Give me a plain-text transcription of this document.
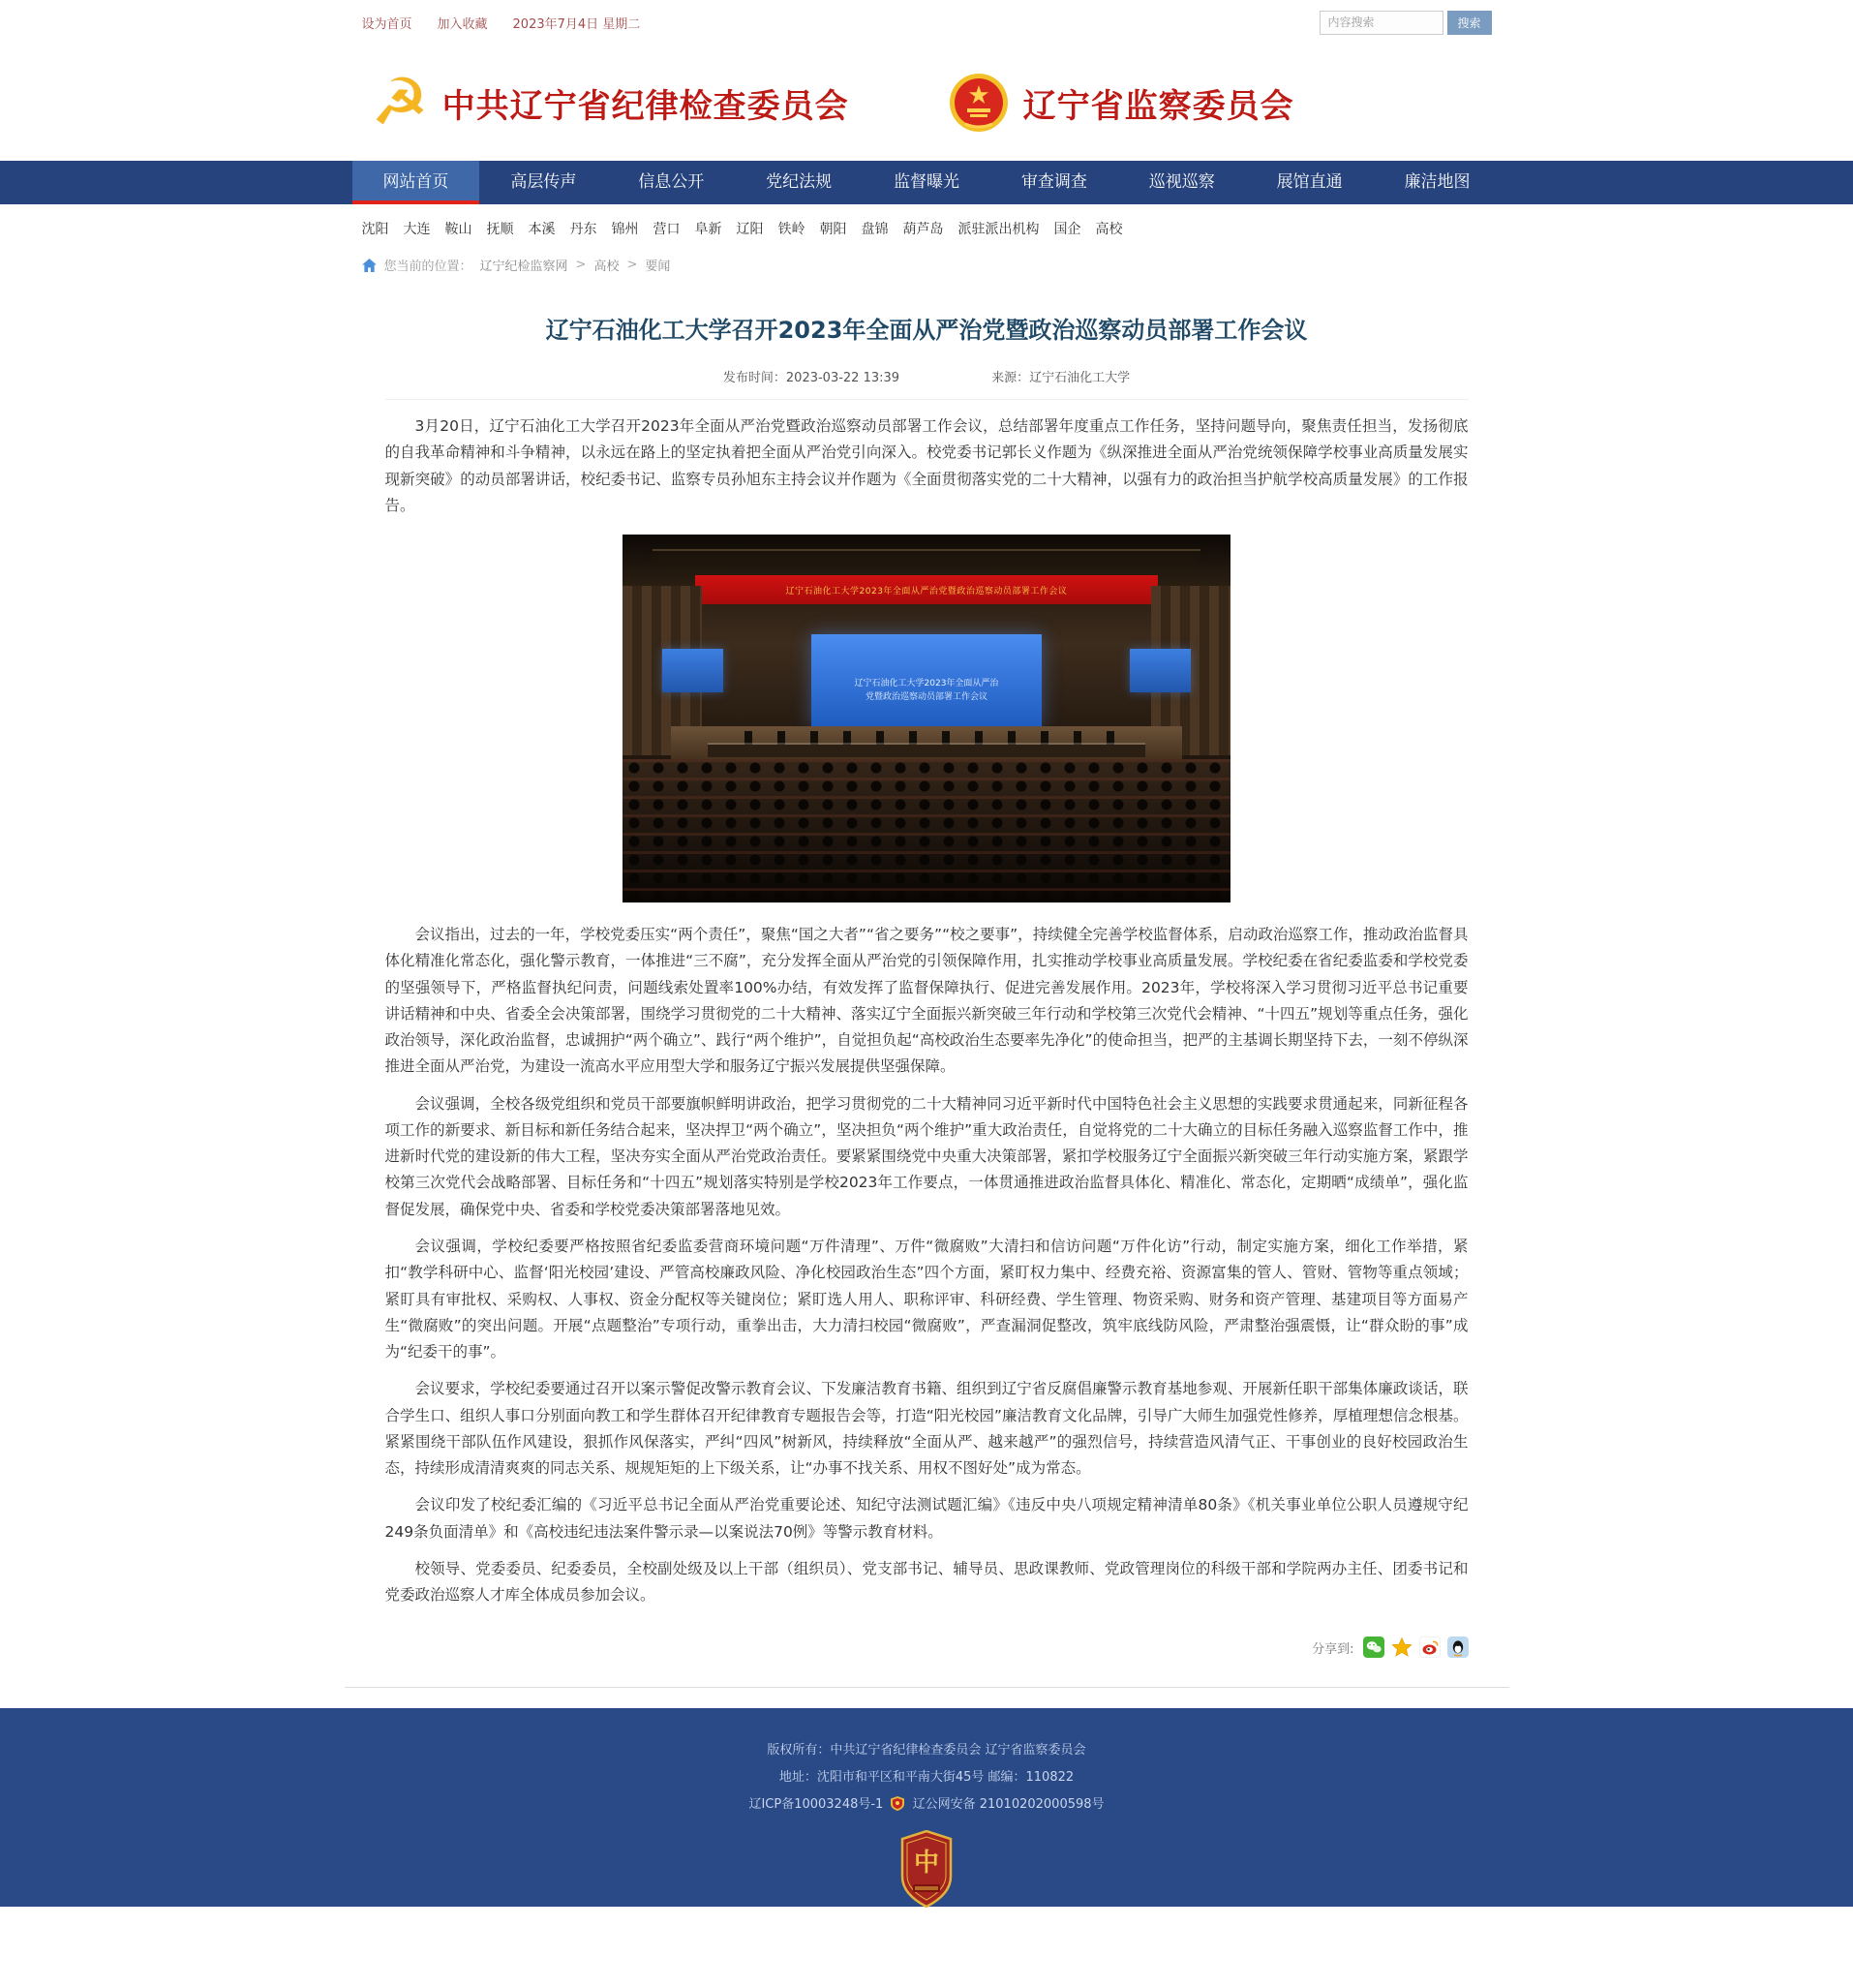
设为首页 加入收藏 2023年7月4日 星期二
内容搜索	搜索
☭ 中共辽宁省纪律检查委员会	辽宁省监察委员会
网站首页	高层传声	信息公开	党纪法规	监督曝光	审查调查	巡视巡察	展馆直通	廉洁地图
沈阳 大连 鞍山 抚顺 本溪 丹东 锦州 营口 阜新 辽阳 铁岭 朝阳 盘锦 葫芦岛 派驻派出机构 国企 高校
您当前的位置： 辽宁纪检监察网 > 高校 > 要闻
辽宁石油化工大学召开2023年全面从严治党暨政治巡察动员部署工作会议
发布时间：2023-03-22 13:39	来源：辽宁石油化工大学

3月20日，辽宁石油化工大学召开2023年全面从严治党暨政治巡察动员部署工作会议，总结部署年度重点工作任务，坚持问题导向，聚焦责任担当，发扬彻底的自我革命精神和斗争精神，以永远在路上的坚定执着把全面从严治党引向深入。校党委书记郭长义作题为《纵深推进全面从严治党统领保障学校事业高质量发展实现新突破》的动员部署讲话，校纪委书记、监察专员孙旭东主持会议并作题为《全面贯彻落实党的二十大精神，以强有力的政治担当护航学校高质量发展》的工作报告。

辽宁石油化工大学2023年全面从严治党暨政治巡察动员部署工作会议
辽宁石油化工大学2023年全面从严治
党暨政治巡察动员部署工作会议

会议指出，过去的一年，学校党委压实“两个责任”，聚焦“国之大者”“省之要务”“校之要事”，持续健全完善学校监督体系，启动政治巡察工作，推动政治监督具体化精准化常态化，强化警示教育，一体推进“三不腐”，充分发挥全面从严治党的引领保障作用，扎实推动学校事业高质量发展。学校纪委在省纪委监委和学校党委的坚强领导下，严格监督执纪问责，问题线索处置率100%办结，有效发挥了监督保障执行、促进完善发展作用。2023年，学校将深入学习贯彻习近平总书记重要讲话精神和中央、省委全会决策部署，围绕学习贯彻党的二十大精神、落实辽宁全面振兴新突破三年行动和学校第三次党代会精神、“十四五”规划等重点任务，强化政治领导，深化政治监督，忠诚拥护“两个确立”、践行“两个维护”，自觉担负起“高校政治生态要率先净化”的使命担当，把严的主基调长期坚持下去，一刻不停纵深推进全面从严治党，为建设一流高水平应用型大学和服务辽宁振兴发展提供坚强保障。

会议强调，全校各级党组织和党员干部要旗帜鲜明讲政治，把学习贯彻党的二十大精神同习近平新时代中国特色社会主义思想的实践要求贯通起来，同新征程各项工作的新要求、新目标和新任务结合起来，坚决捍卫“两个确立”，坚决担负“两个维护”重大政治责任，自觉将党的二十大确立的目标任务融入巡察监督工作中，推进新时代党的建设新的伟大工程，坚决夯实全面从严治党政治责任。要紧紧围绕党中央重大决策部署，紧扣学校服务辽宁全面振兴新突破三年行动实施方案，紧跟学校第三次党代会战略部署、目标任务和“十四五”规划落实特别是学校2023年工作要点，一体贯通推进政治监督具体化、精准化、常态化，定期晒“成绩单”，强化监督促发展，确保党中央、省委和学校党委决策部署落地见效。

会议强调，学校纪委要严格按照省纪委监委营商环境问题“万件清理”、万件“微腐败”大清扫和信访问题“万件化访”行动，制定实施方案，细化工作举措，紧扣“教学科研中心、监督‘阳光校园’建设、严管高校廉政风险、净化校园政治生态”四个方面，紧盯权力集中、经费充裕、资源富集的管人、管财、管物等重点领域；紧盯具有审批权、采购权、人事权、资金分配权等关键岗位；紧盯选人用人、职称评审、科研经费、学生管理、物资采购、财务和资产管理、基建项目等方面易产生“微腐败”的突出问题。开展“点题整治”专项行动，重拳出击，大力清扫校园“微腐败”，严查漏洞促整改，筑牢底线防风险，严肃整治强震慑，让“群众盼的事”成为“纪委干的事”。

会议要求，学校纪委要通过召开以案示警促改警示教育会议、下发廉洁教育书籍、组织到辽宁省反腐倡廉警示教育基地参观、开展新任职干部集体廉政谈话，联合学生口、组织人事口分别面向教工和学生群体召开纪律教育专题报告会等，打造“阳光校园”廉洁教育文化品牌，引导广大师生加强党性修养，厚植理想信念根基。紧紧围绕干部队伍作风建设，狠抓作风保落实，严纠“四风”树新风，持续释放“全面从严、越来越严”的强烈信号，持续营造风清气正、干事创业的良好校园政治生态，持续形成清清爽爽的同志关系、规规矩矩的上下级关系，让“办事不找关系、用权不图好处”成为常态。

会议印发了校纪委汇编的《习近平总书记全面从严治党重要论述、知纪守法测试题汇编》《违反中央八项规定精神清单80条》《机关事业单位公职人员遵规守纪249条负面清单》和《高校违纪违法案件警示录—以案说法70例》等警示教育材料。

校领导、党委委员、纪委委员，全校副处级及以上干部（组织员）、党支部书记、辅导员、思政课教师、党政管理岗位的科级干部和学院两办主任、团委书记和党委政治巡察人才库全体成员参加会议。

分享到:
版权所有：中共辽宁省纪律检查委员会 辽宁省监察委员会
地址：沈阳市和平区和平南大街45号 邮编：110822
辽ICP备10003248号-1 辽公网安备 21010202000598号
中
